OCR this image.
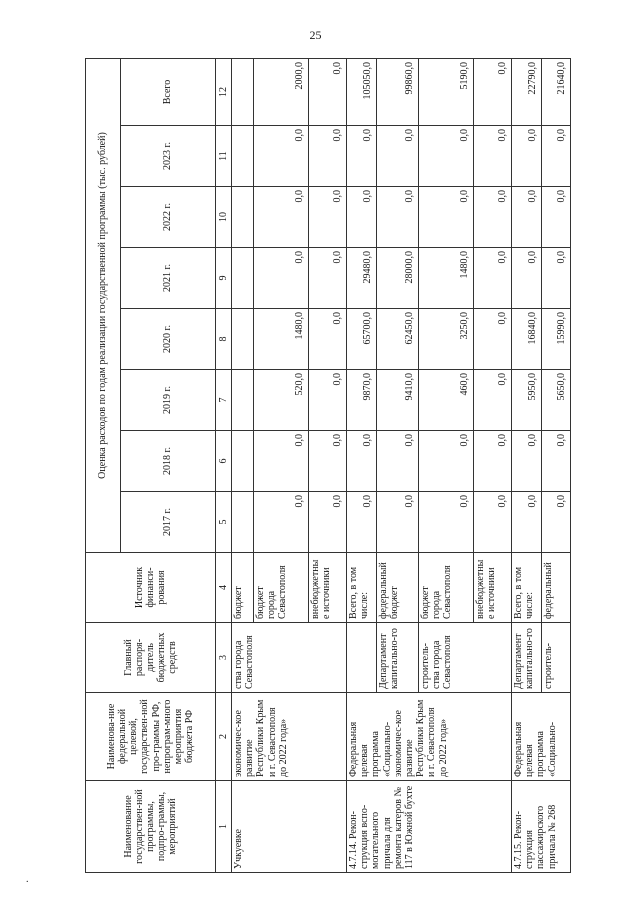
25
Наименование государствен-ной программы, подпро-граммы, мероприятий	Наименова-ние федеральной целевой, государствен-ной про-граммы РФ, непрограм-много мероприятия бюджета РФ	Главный распоря-дитель бюджетных средств	Источник финанси-рования	Оценка расходов по годам реализации государственной программы (тыс. рублей)							
				2017 г.	2018 г.	2019 г.	2020 г.	2021 г.	2022 г.	2023 г.	Всего
1	2	3	4	5	6	7	8	9	10	11	12
Учкуевке	экономичес-кое развитие Республики Крым и г. Севастополя до 2022 года»	ства города Севастополя	бюджет								
			бюджет города Севастополя	0,0	0,0	520,0	1480,0	0,0	0,0	0,0	2000,0
			внебюджетные источники	0,0	0,0	0,0	0,0	0,0	0,0	0,0	0,0
4.7.14. Рекон-струкция вспо-могательного причала для ремонта катеров № 117 в Южной бухте	Федеральная целевая программа «Социально-экономичес-кое развитие Республики Крым и г. Севастополя до 2022 года»		Всего, в том числе:	0,0	0,0	9870,0	65700,0	29480,0	0,0	0,0	105050,0
		Департамент капитально-го	федеральный бюджет	0,0	0,0	9410,0	62450,0	28000,0	0,0	0,0	99860,0
		строитель-ства города Севастополя	бюджет города Севастополя	0,0	0,0	460,0	3250,0	1480,0	0,0	0,0	5190,0
			внебюджетные источники	0,0	0,0	0,0	0,0	0,0	0,0	0,0	0,0
4.7.15. Рекон-струкция пассажирского причала № 268	Федеральная целевая программа «Социально-	Департамент капитально-го	Всего, в том числе:	0,0	0,0	5950,0	16840,0	0,0	0,0	0,0	22790,0
		строитель-	федеральный	0,0	0,0	5650,0	15990,0	0,0	0,0	0,0	21640,0
.
